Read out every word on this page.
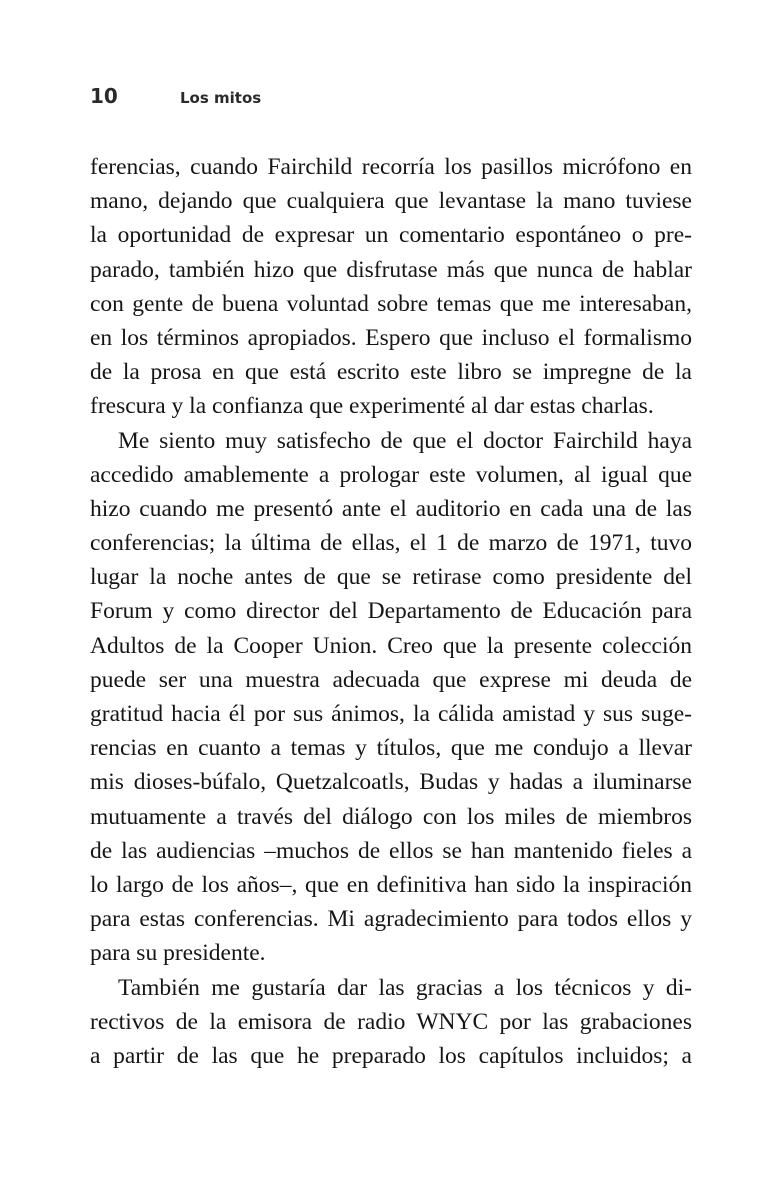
10	Los mitos
ferencias, cuando Fairchild recorría los pasillos micrófono en
mano, dejando que cualquiera que levantase la mano tuviese
la oportunidad de expresar un comentario espontáneo o pre-
parado, también hizo que disfrutase más que nunca de hablar
con gente de buena voluntad sobre temas que me interesaban,
en los términos apropiados. Espero que incluso el formalismo
de la prosa en que está escrito este libro se impregne de la
frescura y la confianza que experimenté al dar estas charlas.
Me siento muy satisfecho de que el doctor Fairchild haya
accedido amablemente a prologar este volumen, al igual que
hizo cuando me presentó ante el auditorio en cada una de las
conferencias; la última de ellas, el 1 de marzo de 1971, tuvo
lugar la noche antes de que se retirase como presidente del
Forum y como director del Departamento de Educación para
Adultos de la Cooper Union. Creo que la presente colección
puede ser una muestra adecuada que exprese mi deuda de
gratitud hacia él por sus ánimos, la cálida amistad y sus suge-
rencias en cuanto a temas y títulos, que me condujo a llevar
mis dioses-búfalo, Quetzalcoatls, Budas y hadas a iluminarse
mutuamente a través del diálogo con los miles de miembros
de las audiencias –muchos de ellos se han mantenido fieles a
lo largo de los años–, que en definitiva han sido la inspiración
para estas conferencias. Mi agradecimiento para todos ellos y
para su presidente.
También me gustaría dar las gracias a los técnicos y di-
rectivos de la emisora de radio WNYC por las grabaciones
a partir de las que he preparado los capítulos incluidos; a
